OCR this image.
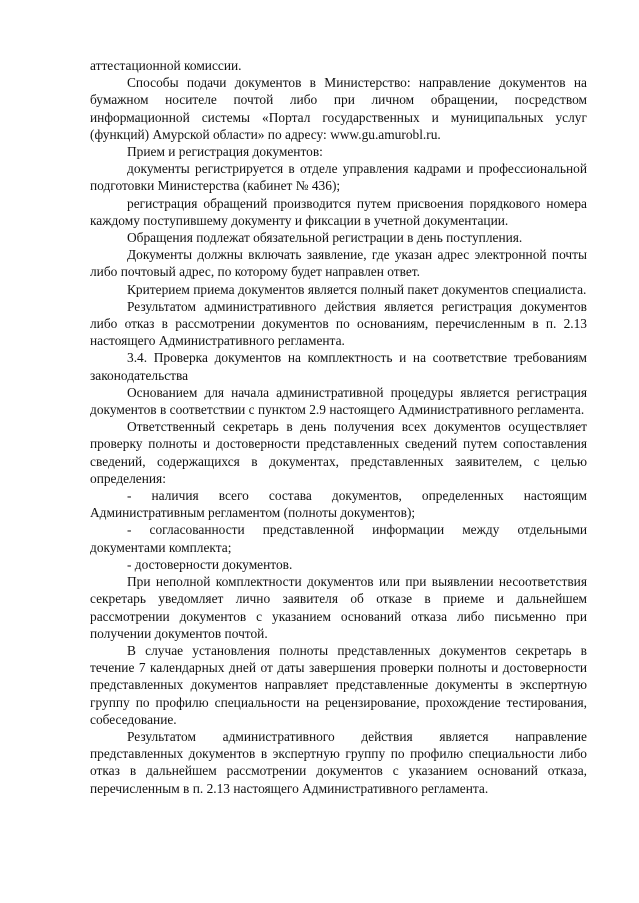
аттестационной комиссии.

Способы подачи документов в Министерство: направление документов на бумажном носителе почтой либо при личном обращении, посредством информационной системы «Портал государственных и муниципальных услуг (функций) Амурской области» по адресу: www.gu.amurobl.ru.

Прием и регистрация документов:

документы регистрируется в отделе управления кадрами и профессиональной подготовки Министерства (кабинет № 436);

регистрация обращений производится путем присвоения порядкового номера каждому поступившему документу и фиксации в учетной документации.

Обращения подлежат обязательной регистрации в день поступления.

Документы должны включать заявление, где указан адрес электронной почты либо почтовый адрес, по которому будет направлен ответ.

Критерием приема документов является полный пакет документов специалиста.

Результатом административного действия является регистрация документов либо отказ в рассмотрении документов по основаниям, перечисленным в п. 2.13 настоящего Административного регламента.

3.4. Проверка документов на комплектность и на соответствие требованиям законодательства

Основанием для начала административной процедуры является регистрация документов в соответствии с пунктом 2.9 настоящего Административного регламента.

Ответственный секретарь в день получения всех документов осуществляет проверку полноты и достоверности представленных сведений путем сопоставления сведений, содержащихся в документах, представленных заявителем, с целью определения:

- наличия всего состава документов, определенных настоящим Административным регламентом (полноты документов);

- согласованности представленной информации между отдельными документами комплекта;

- достоверности документов.

При неполной комплектности документов или при выявлении несоответствия секретарь уведомляет лично заявителя об отказе в приеме и дальнейшем рассмотрении документов с указанием оснований отказа либо письменно при получении документов почтой.

В случае установления полноты представленных документов секретарь в течение 7 календарных дней от даты завершения проверки полноты и достоверности представленных документов направляет представленные документы в экспертную группу по профилю специальности на рецензирование, прохождение тестирования, собеседование.

Результатом административного действия является направление представленных документов в экспертную группу по профилю специальности либо отказ в дальнейшем рассмотрении документов с указанием оснований отказа, перечисленным в п. 2.13 настоящего Административного регламента.
